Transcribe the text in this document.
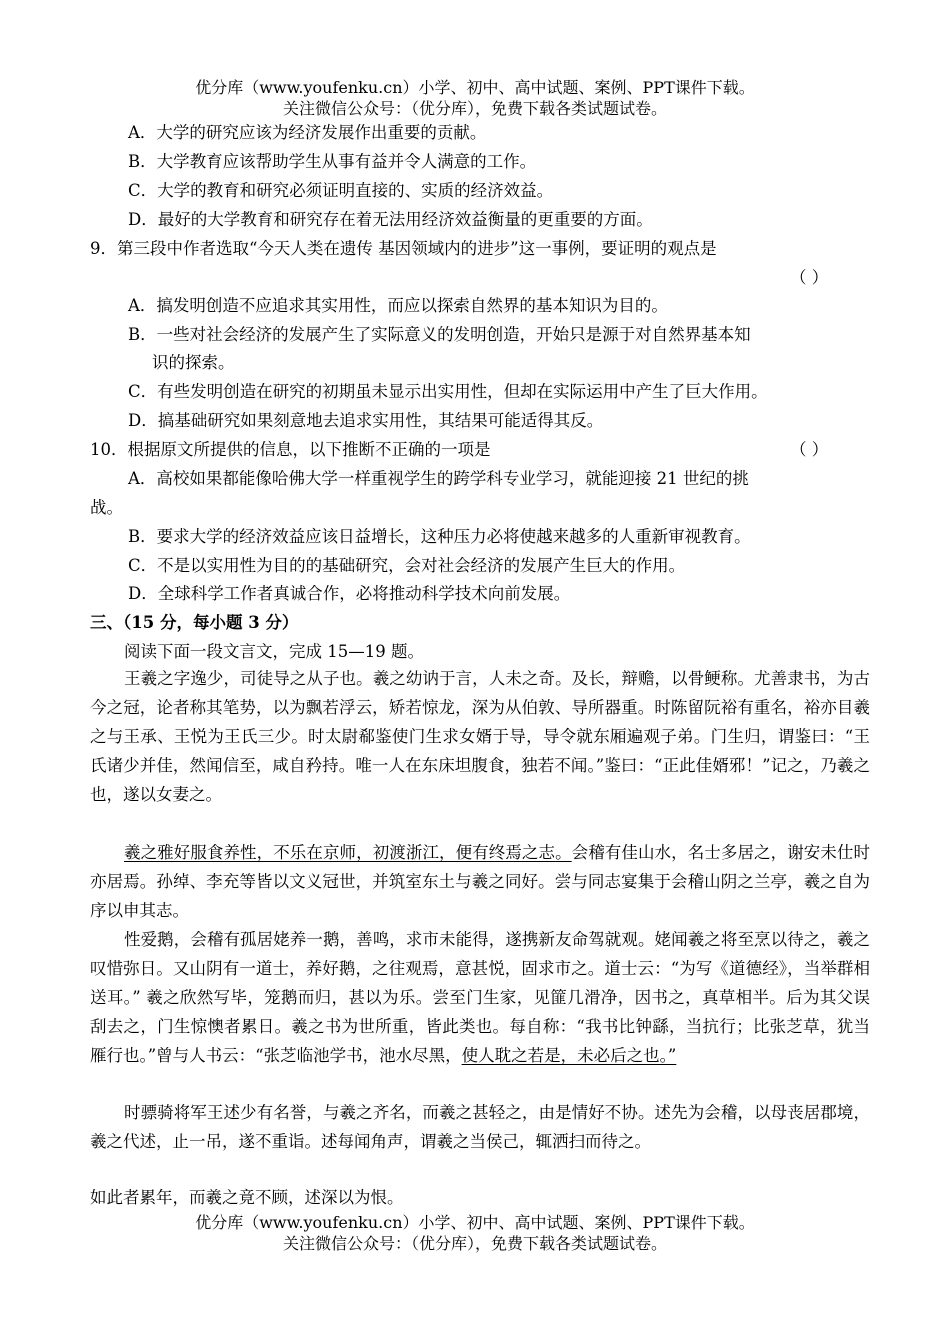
优分库（www.youfenku.cn）小学、初中、高中试题、案例、PPT课件下载。
关注微信公众号：（优分库），免费下载各类试题试卷。
A．大学的研究应该为经济发展作出重要的贡献。
B．大学教育应该帮助学生从事有益并令人满意的工作。
C．大学的教育和研究必须证明直接的、实质的经济效益。
D．最好的大学教育和研究存在着无法用经济效益衡量的更重要的方面。
9．第三段中作者选取“今天人类在遗传 基因领域内的进步”这一事例，要证明的观点是
（ ）
A．搞发明创造不应追求其实用性，而应以探索自然界的基本知识为目的。
B．一些对社会经济的发展产生了实际意义的发明创造，开始只是源于对自然界基本知
识的探索。
C．有些发明创造在研究的初期虽未显示出实用性，但却在实际运用中产生了巨大作用。
D．搞基础研究如果刻意地去追求实用性，其结果可能适得其反。
10．根据原文所提供的信息，以下推断不正确的一项是	（ ）
A．高校如果都能像哈佛大学一样重视学生的跨学科专业学习，就能迎接 21 世纪的挑
战。
B．要求大学的经济效益应该日益增长，这种压力必将使越来越多的人重新审视教育。
C．不是以实用性为目的的基础研究，会对社会经济的发展产生巨大的作用。
D．全球科学工作者真诚合作，必将推动科学技术向前发展。
三、（15 分，每小题 3 分）
阅读下面一段文言文，完成 15—19 题。
王羲之字逸少，司徒导之从子也。羲之幼讷于言，人未之奇。及长，辩赡，以骨鲠称。尤善隶书，为古今之冠，论者称其笔势，以为飘若浮云，矫若惊龙，深为从伯敦、导所器重。时陈留阮裕有重名，裕亦目羲之与王承、王悦为王氏三少。时太尉郗鉴使门生求女婿于导，导令就东厢遍观子弟。门生归，谓鉴曰：“王氏诸少并佳，然闻信至，咸自矜持。唯一人在东床坦腹食，独若不闻。”鉴曰：“正此佳婿邪！”记之，乃羲之也，遂以女妻之。
羲之雅好服食养性，不乐在京师，初渡浙江，便有终焉之志。会稽有佳山水，名士多居之，谢安未仕时亦居焉。孙绰、李充等皆以文义冠世，并筑室东土与羲之同好。尝与同志宴集于会稽山阴之兰亭，羲之自为序以申其志。
性爱鹅，会稽有孤居姥养一鹅，善鸣，求市未能得，遂携新友命驾就观。姥闻羲之将至烹以待之，羲之叹惜弥日。又山阴有一道士，养好鹅，之往观焉，意甚悦，固求市之。道士云：“为写《道德经》，当举群相送耳。” 羲之欣然写毕，笼鹅而归，甚以为乐。尝至门生家，见篚几滑净，因书之，真草相半。后为其父误刮去之，门生惊懊者累日。羲之书为世所重，皆此类也。每自称：“我书比钟繇，当抗行；比张芝草，犹当雁行也。”曾与人书云：“张芝临池学书，池水尽黑，使人耽之若是，未必后之也。”
时骠骑将军王述少有名誉，与羲之齐名，而羲之甚轻之，由是情好不协。述先为会稽，以母丧居郡境，羲之代述，止一吊，遂不重诣。述每闻角声，谓羲之当侯己，辄洒扫而待之。
如此者累年，而羲之竟不顾，述深以为恨。
优分库（www.youfenku.cn）小学、初中、高中试题、案例、PPT课件下载。
关注微信公众号：（优分库），免费下载各类试题试卷。
